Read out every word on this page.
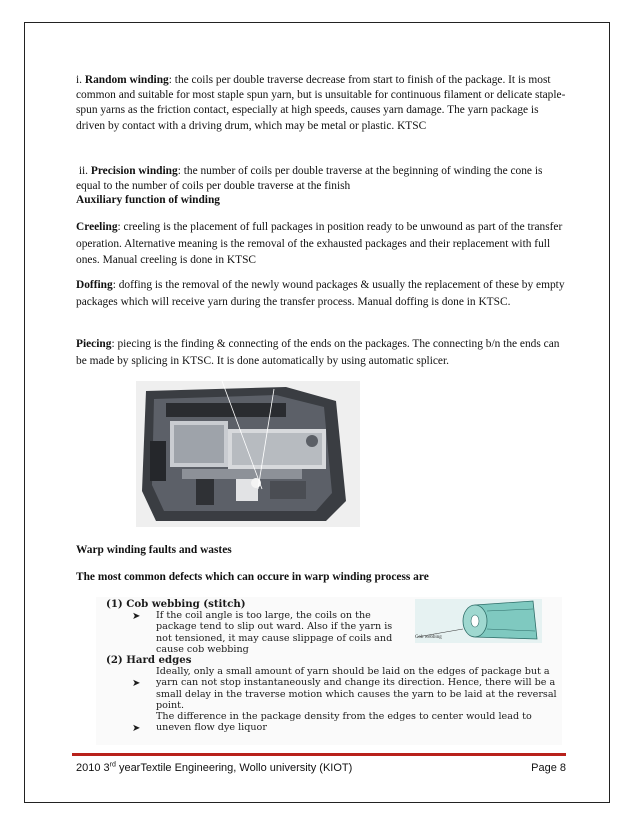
i. Random winding: the coils per double traverse decrease from start to finish of the package. It is most common and suitable for most staple spun yarn, but is unsuitable for continuous filament or delicate staple-spun yarns as the friction contact, especially at high speeds, causes yarn damage. The yarn package is driven by contact with a driving drum, which may be metal or plastic. KTSC
ii. Precision winding: the number of coils per double traverse at the beginning of winding the cone is equal to the number of coils per double traverse at the finish
Auxiliary function of winding
Creeling: creeling is the placement of full packages in position ready to be unwound as part of the transfer operation. Alternative meaning is the removal of the exhausted packages and their replacement with full ones. Manual creeling is done in KTSC
Doffing: doffing is the removal of the newly wound packages & usually the replacement of these by empty packages which will receive yarn during the transfer process. Manual doffing is done in KTSC.
Piecing: piecing is the finding & connecting of the ends on the packages. The connecting b/n the ends can be made by splicing in KTSC. It is done automatically by using automatic splicer.
Warp winding faults and wastes
The most common defects which can occure in warp winding process are
(1) Cob webbing (stitch)
➤	If the coil angle is too large, the coils on the package tend to slip out ward. Also if the yarn is not tensioned, it may cause slippage of coils and cause cob webbing
(2) Hard edges
➤
Ideally, only a small amount of yarn should be laid on the edges of package but a yarn can not stop instantaneously and change its direction. Hence, there will be a small delay in the traverse motion which causes the yarn to be laid at the reversal point.
➤
The difference in the package density from the edges to center would lead to uneven flow dye liquor
Cob webbing
2010 3rd yearTextile Engineering, Wollo university (KIOT)	Page 8
